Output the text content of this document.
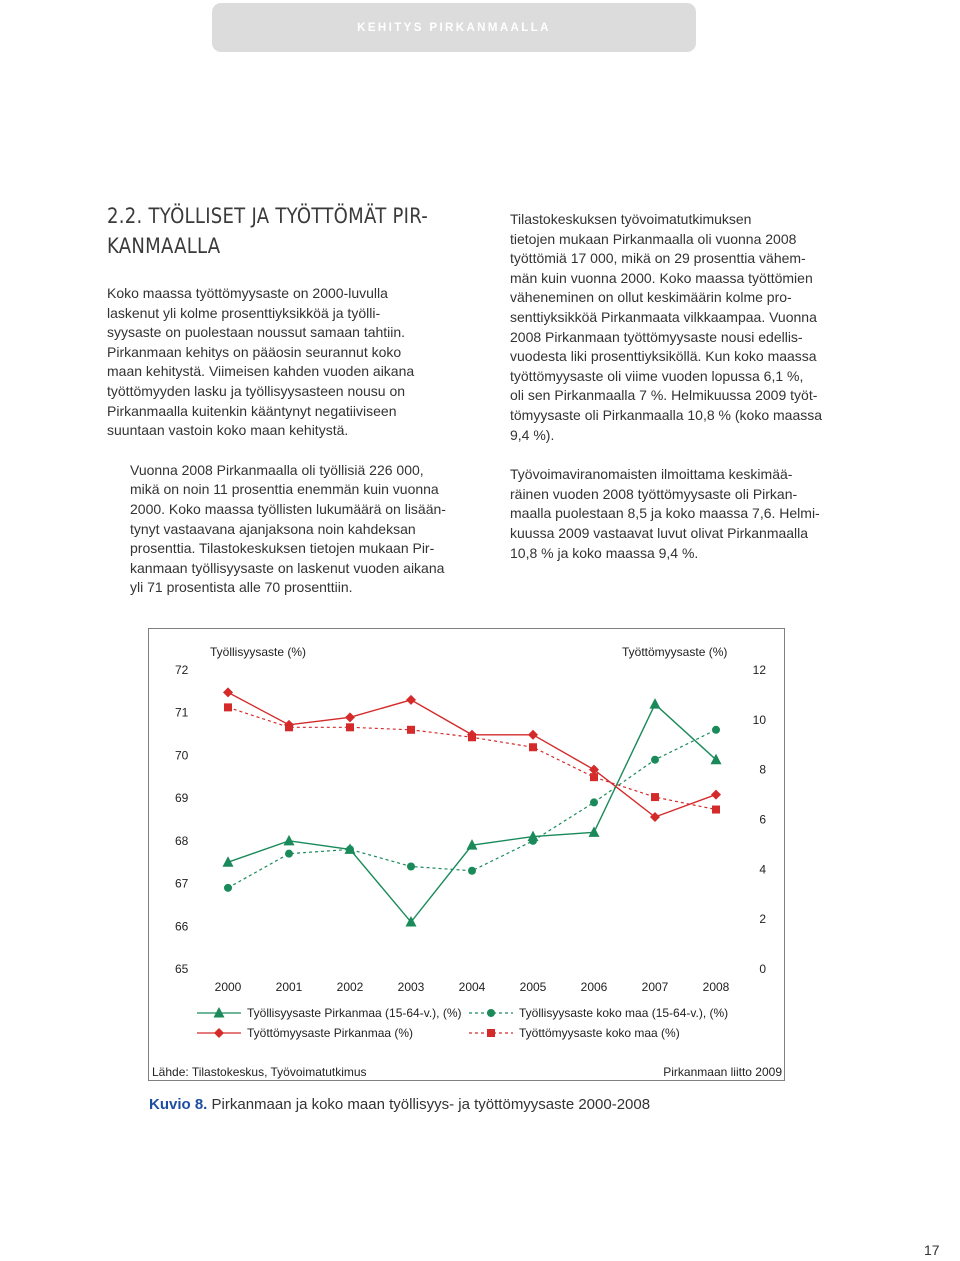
KEHITYS PIRKANMAALLA
2.2. TYÖLLISET JA TYÖTTÖMÄT PIR-
KANMAALLA

Koko maassa työttömyysaste on 2000-luvulla
laskenut yli kolme prosenttiyksikköä ja työlli-
syysaste on puolestaan noussut samaan tahtiin.
Pirkanmaan kehitys on pääosin seurannut koko
maan kehitystä. Viimeisen kahden vuoden aikana
työttömyyden lasku ja työllisyysasteen nousu on
Pirkanmaalla kuitenkin kääntynyt negatiiviseen
suuntaan vastoin koko maan kehitystä.

Vuonna 2008 Pirkanmaalla oli työllisiä 226 000,
mikä on noin 11 prosenttia enemmän kuin vuonna
2000. Koko maassa työllisten lukumäärä on lisään-
tynyt vastaavana ajanjaksona noin kahdeksan
prosenttia. Tilastokeskuksen tietojen mukaan Pir-
kanmaan työllisyysaste on laskenut vuoden aikana
yli 71 prosentista alle 70 prosenttiin.

Tilastokeskuksen työvoimatutkimuksen
tietojen mukaan Pirkanmaalla oli vuonna 2008
työttömiä 17 000, mikä on 29 prosenttia vähem-
män kuin vuonna 2000. Koko maassa työttömien
väheneminen on ollut keskimäärin kolme pro-
senttiyksikköä Pirkanmaata vilkkaampaa. Vuonna
2008 Pirkanmaan työttömyysaste nousi edellis-
vuodesta liki prosenttiyksiköllä. Kun koko maassa
työttömyysaste oli viime vuoden lopussa 6,1 %,
oli sen Pirkanmaalla 7 %. Helmikuussa 2009 työt-
tömyysaste oli Pirkanmaalla 10,8 % (koko maassa
9,4 %).

Työvoimaviranomaisten ilmoittama keskimää-
räinen vuoden 2008 työttömyysaste oli Pirkan-
maalla puolestaan 8,5 ja koko maassa 7,6. Helmi-
kuussa 2009 vastaavat luvut olivat Pirkanmaalla
10,8 % ja koko maassa 9,4 %.

Työllisyysaste (%)	Työttömyysaste (%)
65
66
67
68
69
70
71
72
0
2
4
6
8
10
12
2000	2001	2002	2003	2004	2005	2006	2007	2008
Työllisyysaste Pirkanmaa (15-64-v.), (%)	Työllisyysaste koko maa (15-64-v.), (%)
Työttömyysaste Pirkanmaa (%)	Työttömyysaste koko maa (%)
Lähde: Tilastokeskus, Työvoimatutkimus	Pirkanmaan liitto 2009
Kuvio 8. Pirkanmaan ja koko maan työllisyys- ja työttömyysaste 2000-2008
17
